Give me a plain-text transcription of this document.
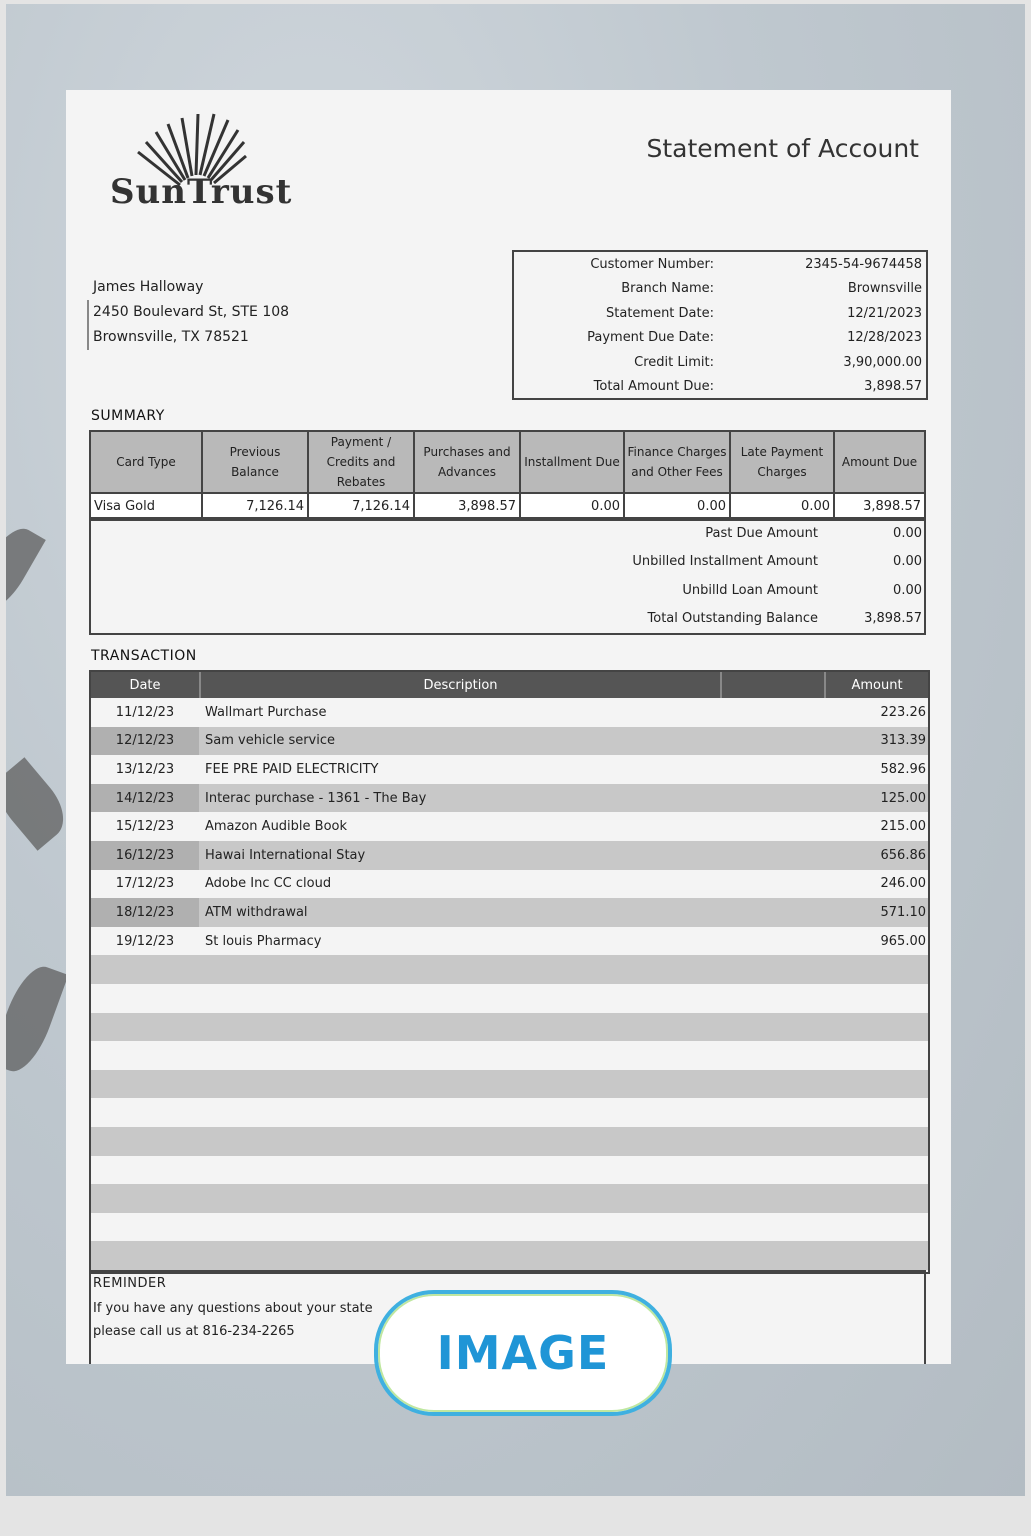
SunTrust
Statement of Account
James Halloway
2450 Boulevard St, STE 108
Brownsville, TX 78521
Customer Number:	2345-54-9674458
Branch Name:	Brownsville
Statement Date:	12/21/2023
Payment Due Date:	12/28/2023
Credit Limit:	3,90,000.00
Total Amount Due:	3,898.57
SUMMARY
Card Type	Previous Balance	Payment / Credits and Rebates	Purchases and Advances	Installment Due	Finance Charges and Other Fees	Late Payment Charges	Amount Due
Visa Gold	7,126.14	7,126.14	3,898.57	0.00	0.00	0.00	3,898.57
Past Due Amount	0.00
Unbilled Installment Amount	0.00
Unbilld Loan Amount	0.00
Total Outstanding Balance	3,898.57
TRANSACTION
Date	Description	Amount
11/12/23	Wallmart Purchase	223.26
12/12/23	Sam vehicle service	313.39
13/12/23	FEE PRE PAID ELECTRICITY	582.96
14/12/23	Interac purchase - 1361 - The Bay	125.00
15/12/23	Amazon Audible Book	215.00
16/12/23	Hawai International Stay	656.86
17/12/23	Adobe Inc CC cloud	246.00
18/12/23	ATM withdrawal	571.10
19/12/23	St louis Pharmacy	965.00
REMINDER
If you have any questions about your state
please call us at 816-234-2265	IMAGE
